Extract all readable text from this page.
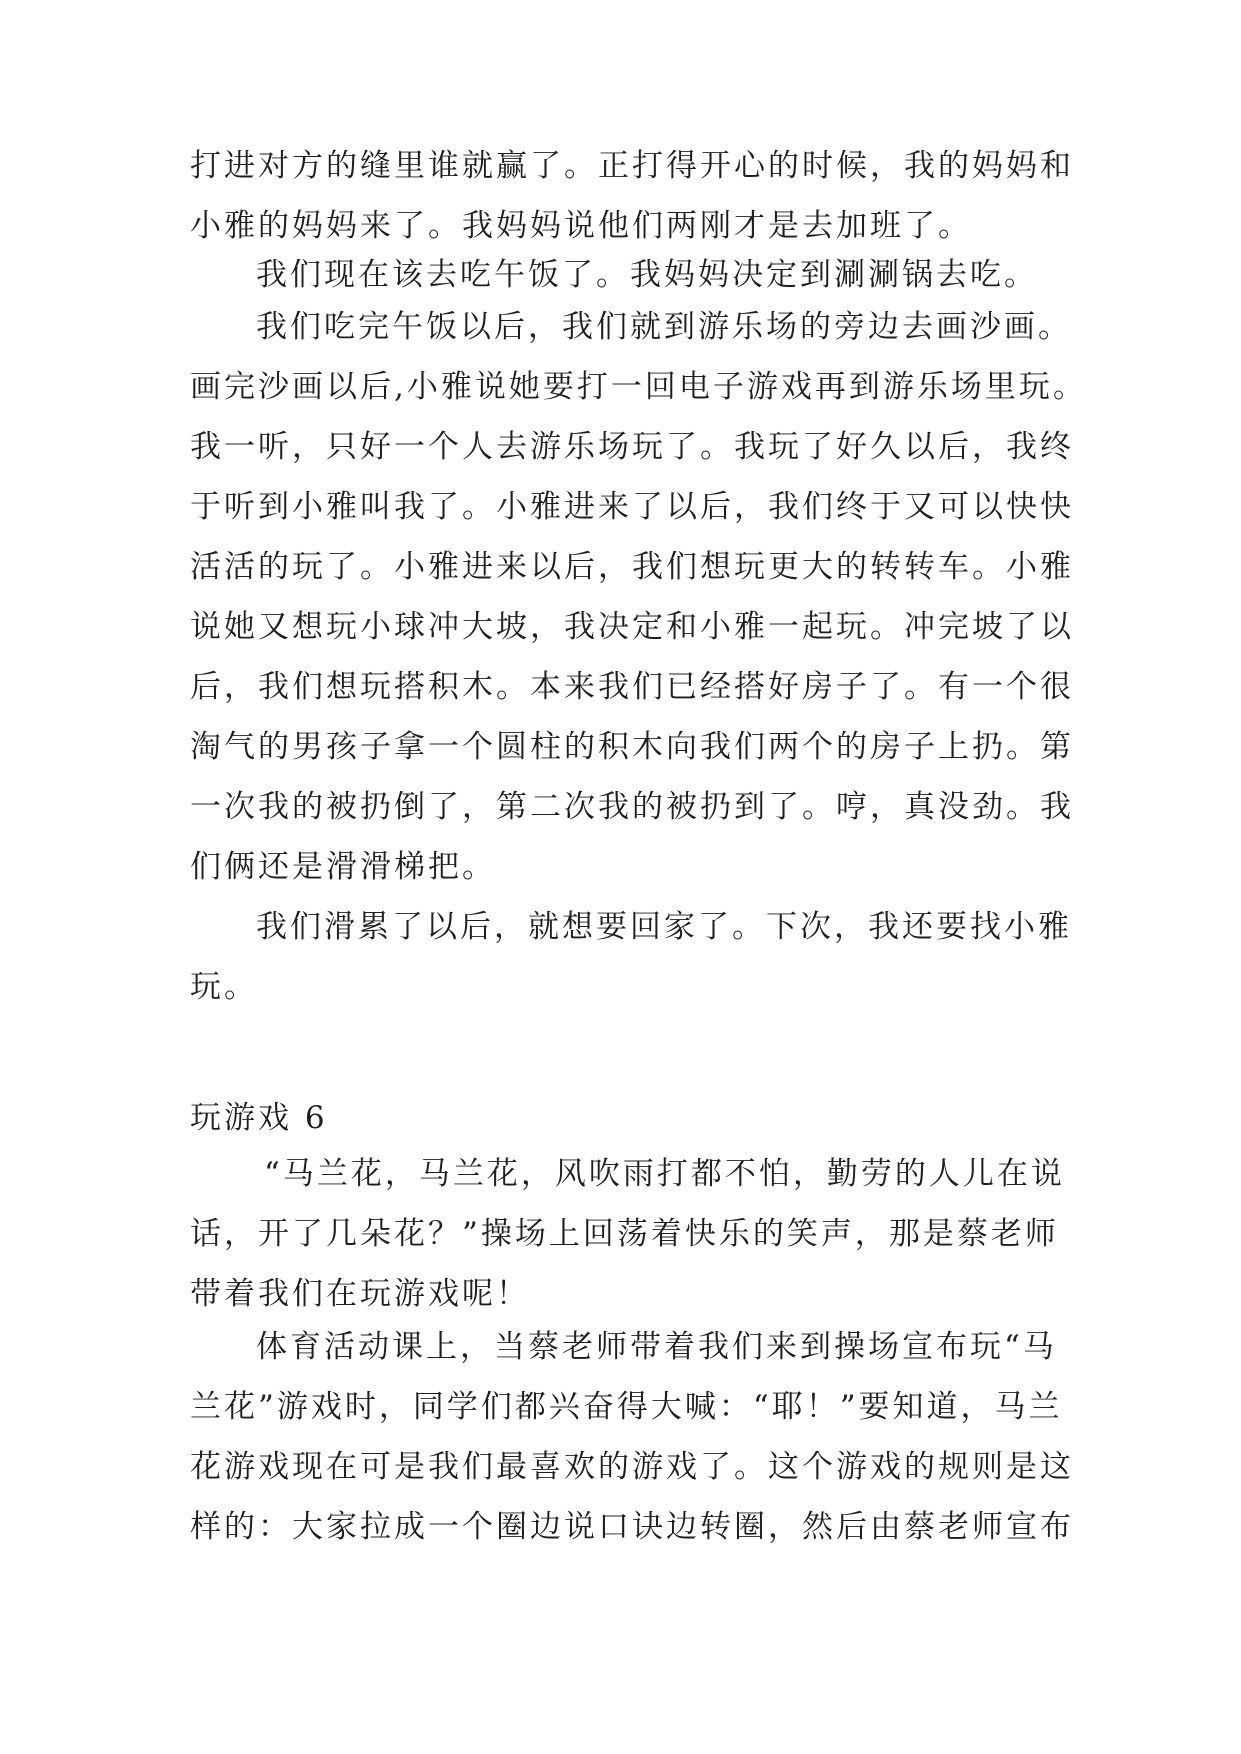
打进对方的缝里谁就赢了。正打得开心的时候，我的妈妈和
小雅的妈妈来了。我妈妈说他们两刚才是去加班了。
我们现在该去吃午饭了。我妈妈决定到涮涮锅去吃。
我们吃完午饭以后，我们就到游乐场的旁边去画沙画。
画完沙画以后,小雅说她要打一回电子游戏再到游乐场里玩。
我一听，只好一个人去游乐场玩了。我玩了好久以后，我终
于听到小雅叫我了。小雅进来了以后，我们终于又可以快快
活活的玩了。小雅进来以后，我们想玩更大的转转车。小雅
说她又想玩小球冲大坡，我决定和小雅一起玩。冲完坡了以
后，我们想玩搭积木。本来我们已经搭好房子了。有一个很
淘气的男孩子拿一个圆柱的积木向我们两个的房子上扔。第
一次我的被扔倒了，第二次我的被扔到了。哼，真没劲。我
们俩还是滑滑梯把。
我们滑累了以后，就想要回家了。下次，我还要找小雅
玩。
玩游戏 6
“马兰花，马兰花，风吹雨打都不怕，勤劳的人儿在说
话，开了几朵花？”操场上回荡着快乐的笑声，那是蔡老师
带着我们在玩游戏呢！
体育活动课上，当蔡老师带着我们来到操场宣布玩“马
兰花”游戏时，同学们都兴奋得大喊：“耶！”要知道，马兰
花游戏现在可是我们最喜欢的游戏了。这个游戏的规则是这
样的：大家拉成一个圈边说口诀边转圈，然后由蔡老师宣布
